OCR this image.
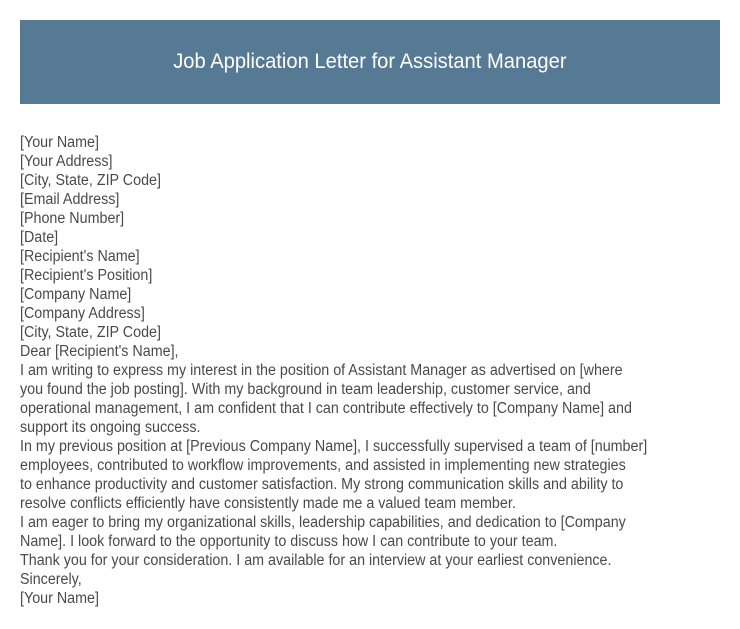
Job Application Letter for Assistant Manager
[Your Name]
[Your Address]
[City, State, ZIP Code]
[Email Address]
[Phone Number]
[Date]
[Recipient's Name]
[Recipient's Position]
[Company Name]
[Company Address]
[City, State, ZIP Code]
Dear [Recipient's Name],
I am writing to express my interest in the position of Assistant Manager as advertised on [where
you found the job posting]. With my background in team leadership, customer service, and
operational management, I am confident that I can contribute effectively to [Company Name] and
support its ongoing success.
In my previous position at [Previous Company Name], I successfully supervised a team of [number]
employees, contributed to workflow improvements, and assisted in implementing new strategies
to enhance productivity and customer satisfaction. My strong communication skills and ability to
resolve conflicts efficiently have consistently made me a valued team member.
I am eager to bring my organizational skills, leadership capabilities, and dedication to [Company
Name]. I look forward to the opportunity to discuss how I can contribute to your team.
Thank you for your consideration. I am available for an interview at your earliest convenience.
Sincerely,
[Your Name]
